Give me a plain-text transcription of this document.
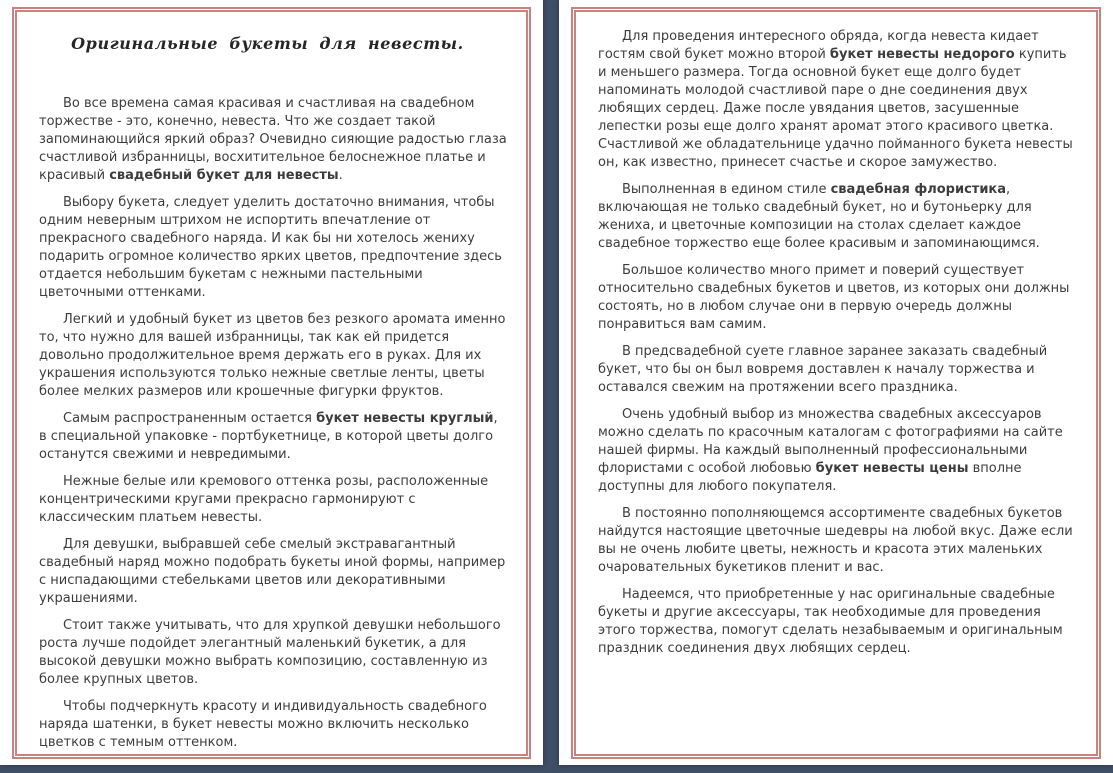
Оригинальные букеты для невесты.

Во все времена самая красивая и счастливая на свадебном торжестве - это, конечно, невеста. Что же создает такой запоминающийся яркий образ? Очевидно сияющие радостью глаза счастливой избранницы, восхитительное белоснежное платье и красивый свадебный букет для невесты.

Выбору букета, следует уделить достаточно внимания, чтобы одним неверным штрихом не испортить впечатление от прекрасного свадебного наряда. И как бы ни хотелось жениху подарить огромное количество ярких цветов, предпочтение здесь отдается небольшим букетам с нежными пастельными цветочными оттенками.

Легкий и удобный букет из цветов без резкого аромата именно то, что нужно для вашей избранницы, так как ей придется довольно продолжительное время держать его в руках. Для их украшения используются только нежные светлые ленты, цветы более мелких размеров или крошечные фигурки фруктов.

Самым распространенным остается букет невесты круглый, в специальной упаковке - портбукетнице, в которой цветы долго останутся свежими и невредимыми.

Нежные белые или кремового оттенка розы, расположенные концентрическими кругами прекрасно гармонируют с классическим платьем невесты.

Для девушки, выбравшей себе смелый экстравагантный свадебный наряд можно подобрать букеты иной формы, например с ниспадающими стебельками цветов или декоративными украшениями.

Стоит также учитывать, что для хрупкой девушки небольшого роста лучше подойдет элегантный маленький букетик, а для высокой девушки можно выбрать композицию, составленную из более крупных цветов.

Чтобы подчеркнуть красоту и индивидуальность свадебного наряда шатенки, в букет невесты можно включить несколько цветков с темным оттенком.

Для проведения интересного обряда, когда невеста кидает гостям свой букет можно второй букет невесты недорого купить и меньшего размера. Тогда основной букет еще долго будет напоминать молодой счастливой паре о дне соединения двух любящих сердец. Даже после увядания цветов, засушенные лепестки розы еще долго хранят аромат этого красивого цветка. Счастливой же обладательнице удачно пойманного букета невесты он, как известно, принесет счастье и скорое замужество.

Выполненная в едином стиле свадебная флористика, включающая не только свадебный букет, но и бутоньерку для жениха, и цветочные композиции на столах сделает каждое свадебное торжество еще более красивым и запоминающимся.

Большое количество много примет и поверий существует относительно свадебных букетов и цветов, из которых они должны состоять, но в любом случае они в первую очередь должны понравиться вам самим.

В предсвадебной суете главное заранее заказать свадебный букет, что бы он был вовремя доставлен к началу торжества и оставался свежим на протяжении всего праздника.

Очень удобный выбор из множества свадебных аксессуаров можно сделать по красочным каталогам с фотографиями на сайте нашей фирмы. На каждый выполненный профессиональными флористами с особой любовью букет невесты цены вполне доступны для любого покупателя.

В постоянно пополняющемся ассортименте свадебных букетов найдутся настоящие цветочные шедевры на любой вкус. Даже если вы не очень любите цветы, нежность и красота этих маленьких очаровательных букетиков пленит и вас.

Надеемся, что приобретенные у нас оригинальные свадебные букеты и другие аксессуары, так необходимые для проведения этого торжества, помогут сделать незабываемым и оригинальным праздник соединения двух любящих сердец.
